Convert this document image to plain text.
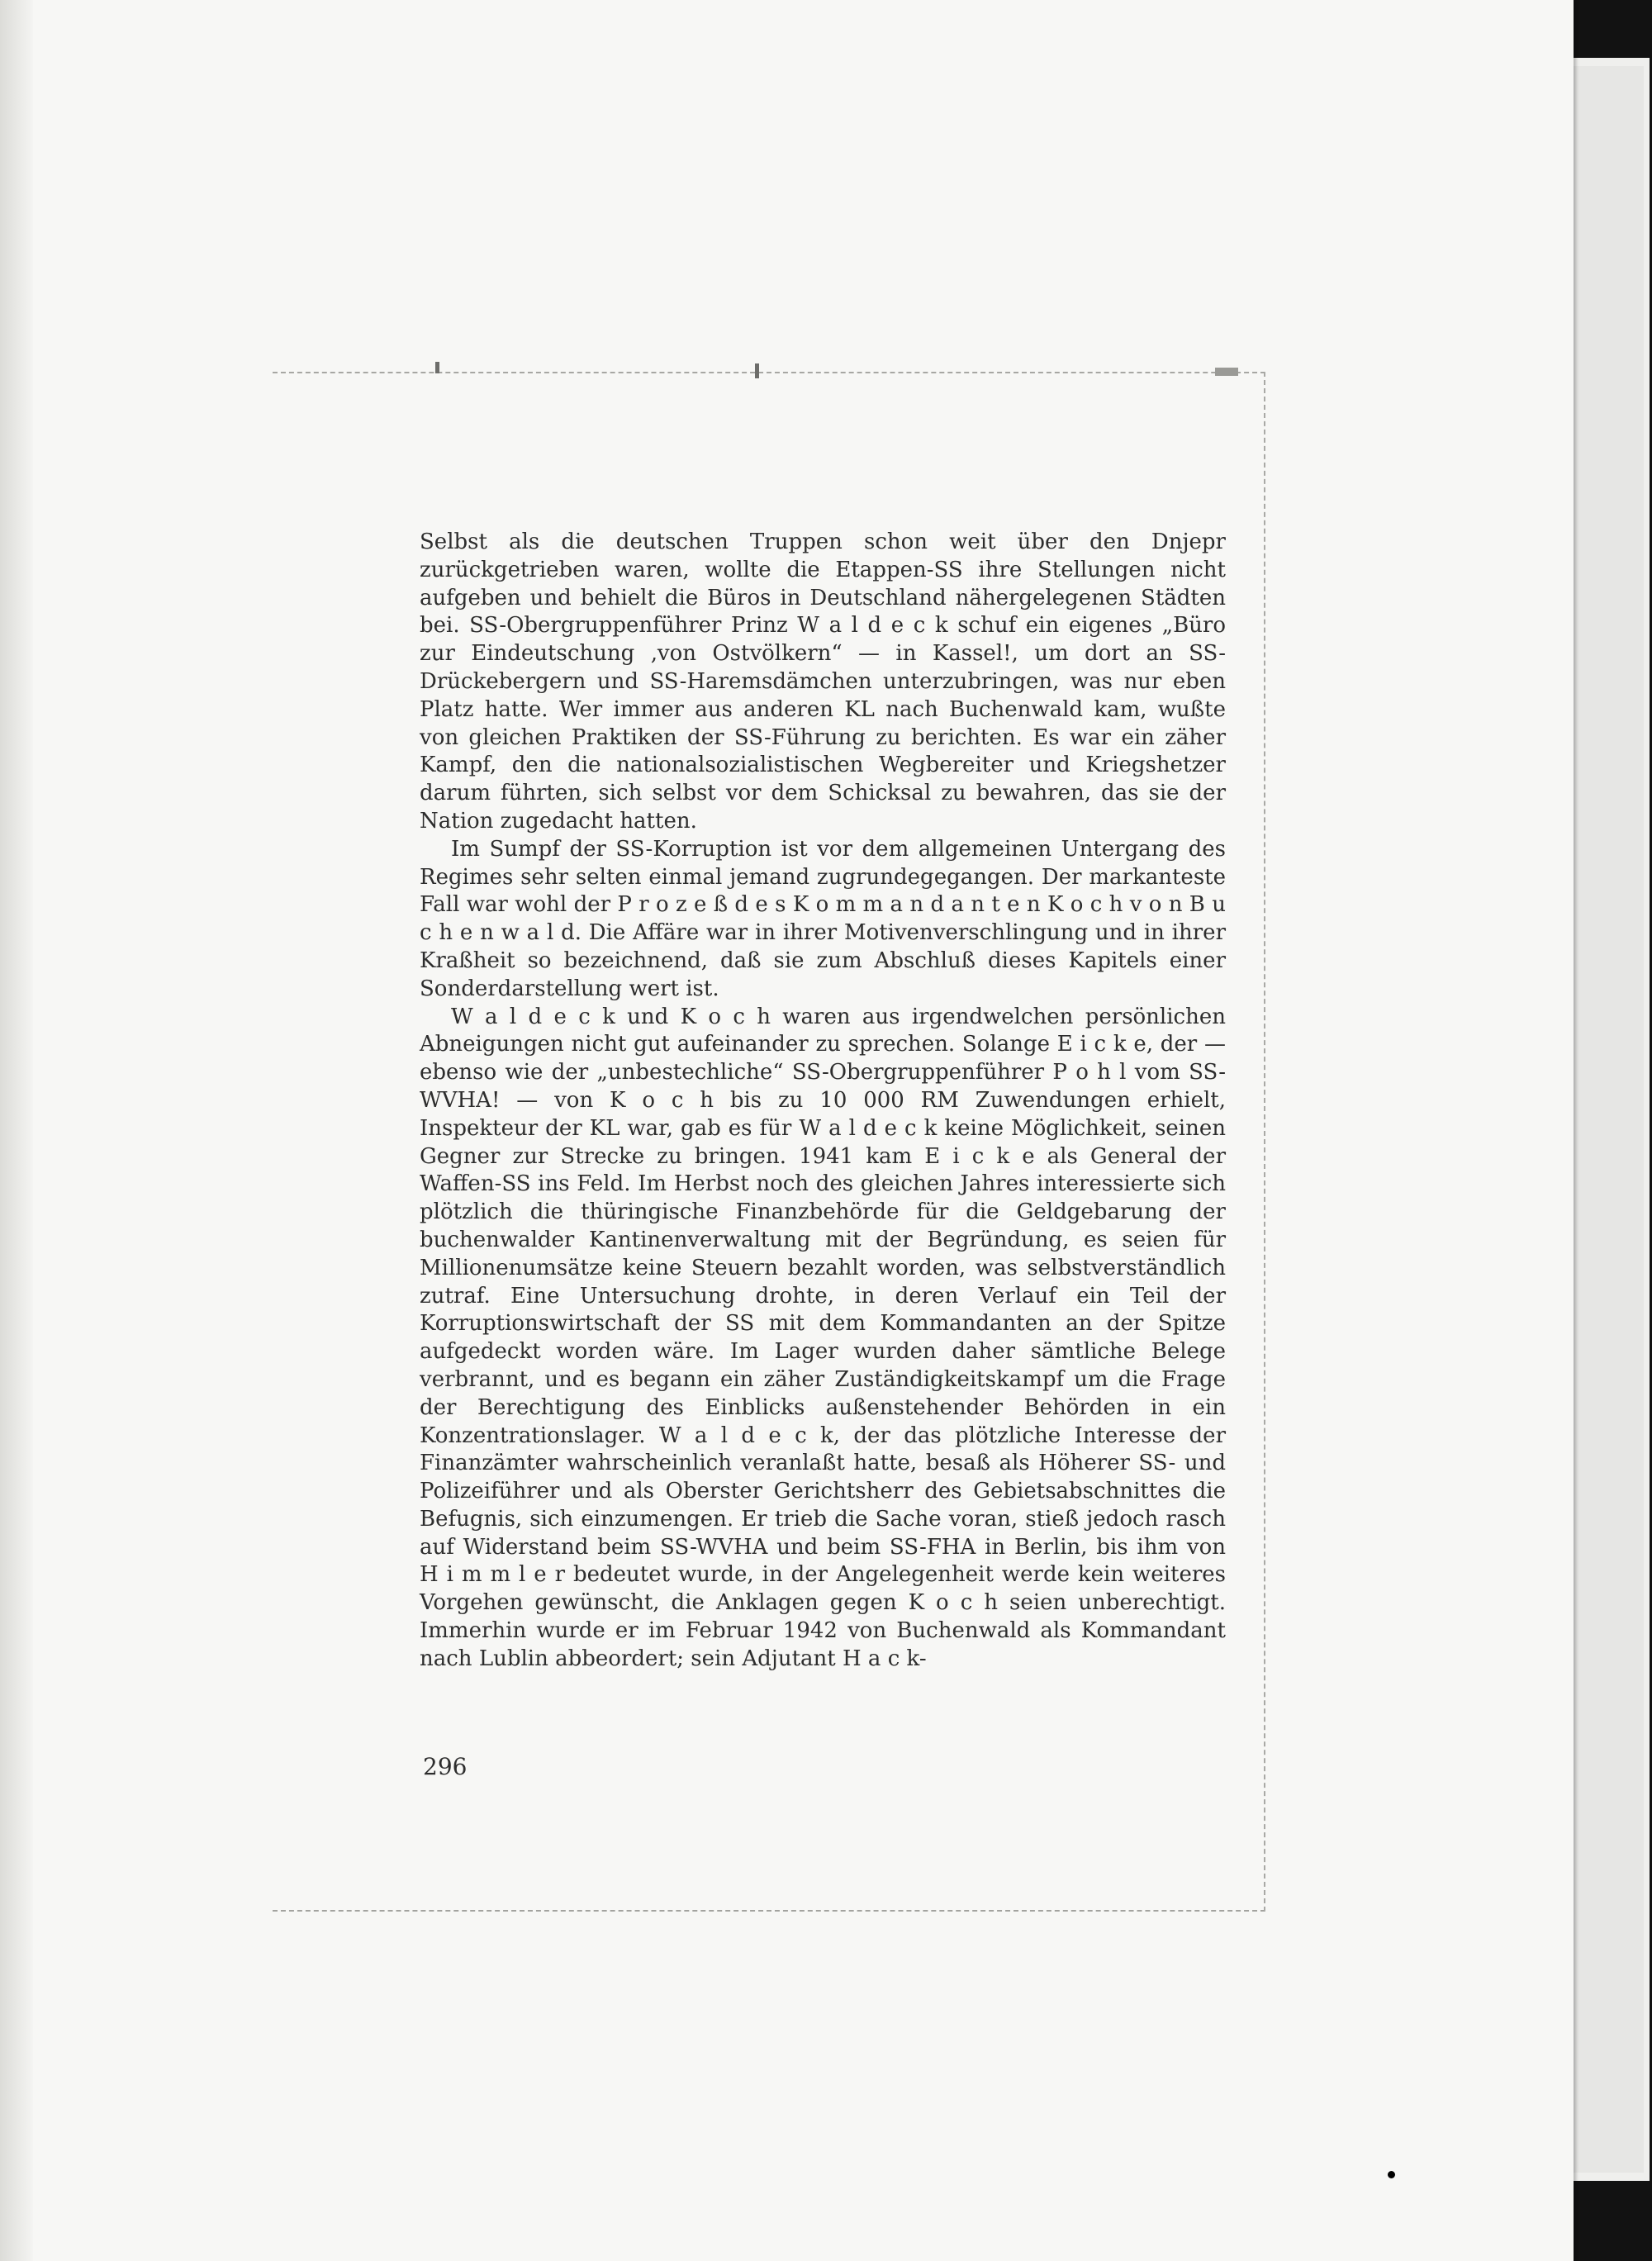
Selbst als die deutschen Truppen schon weit über den Dnjepr zurückgetrieben waren, wollte die Etappen-SS ihre Stellungen nicht aufgeben und behielt die Büros in Deutschland nähergelegenen Städten bei. SS-Obergruppenführer Prinz W a l d e c k schuf ein eigenes „Büro zur Eindeutschung ‚von Ostvölkern“ — in Kassel!, um dort an SS-Drückebergern und SS-Haremsdämchen unterzubringen, was nur eben Platz hatte. Wer immer aus anderen KL nach Buchenwald kam, wußte von gleichen Praktiken der SS-Führung zu berichten. Es war ein zäher Kampf, den die nationalsozialistischen Wegbereiter und Kriegshetzer darum führten, sich selbst vor dem Schicksal zu bewahren, das sie der Nation zugedacht hatten.

Im Sumpf der SS-Korruption ist vor dem allgemeinen Untergang des Regimes sehr selten einmal jemand zugrundegegangen. Der markanteste Fall war wohl der P r o z e ß d e s K o m m a n d a n t e n K o c h v o n B u c h e n w a l d. Die Affäre war in ihrer Motivenverschlingung und in ihrer Kraßheit so bezeichnend, daß sie zum Abschluß dieses Kapitels einer Sonderdarstellung wert ist.

W a l d e c k und K o c h waren aus irgendwelchen persönlichen Abneigungen nicht gut aufeinander zu sprechen. Solange E i c k e, der — ebenso wie der „unbestechliche“ SS-Obergruppenführer P o h l vom SS-WVHA! — von K o c h bis zu 10 000 RM Zuwendungen erhielt, Inspekteur der KL war, gab es für W a l d e c k keine Möglichkeit, seinen Gegner zur Strecke zu bringen. 1941 kam E i c k e als General der Waffen-SS ins Feld. Im Herbst noch des gleichen Jahres interessierte sich plötzlich die thüringische Finanzbehörde für die Geldgebarung der buchenwalder Kantinenverwaltung mit der Begründung, es seien für Millionenumsätze keine Steuern bezahlt worden, was selbstverständlich zutraf. Eine Untersuchung drohte, in deren Verlauf ein Teil der Korruptionswirtschaft der SS mit dem Kommandanten an der Spitze aufgedeckt worden wäre. Im Lager wurden daher sämtliche Belege verbrannt, und es begann ein zäher Zuständigkeitskampf um die Frage der Berechtigung des Einblicks außenstehender Behörden in ein Konzentrationslager. W a l d e c k, der das plötzliche Interesse der Finanzämter wahrscheinlich veranlaßt hatte, besaß als Höherer SS- und Polizeiführer und als Oberster Gerichtsherr des Gebietsabschnittes die Befugnis, sich einzumengen. Er trieb die Sache voran, stieß jedoch rasch auf Widerstand beim SS-WVHA und beim SS-FHA in Berlin, bis ihm von H i m m l e r bedeutet wurde, in der Angelegenheit werde kein weiteres Vorgehen gewünscht, die Anklagen gegen K o c h seien unberechtigt. Immerhin wurde er im Februar 1942 von Buchenwald als Kommandant nach Lublin abbeordert; sein Adjutant H a c k-

296
